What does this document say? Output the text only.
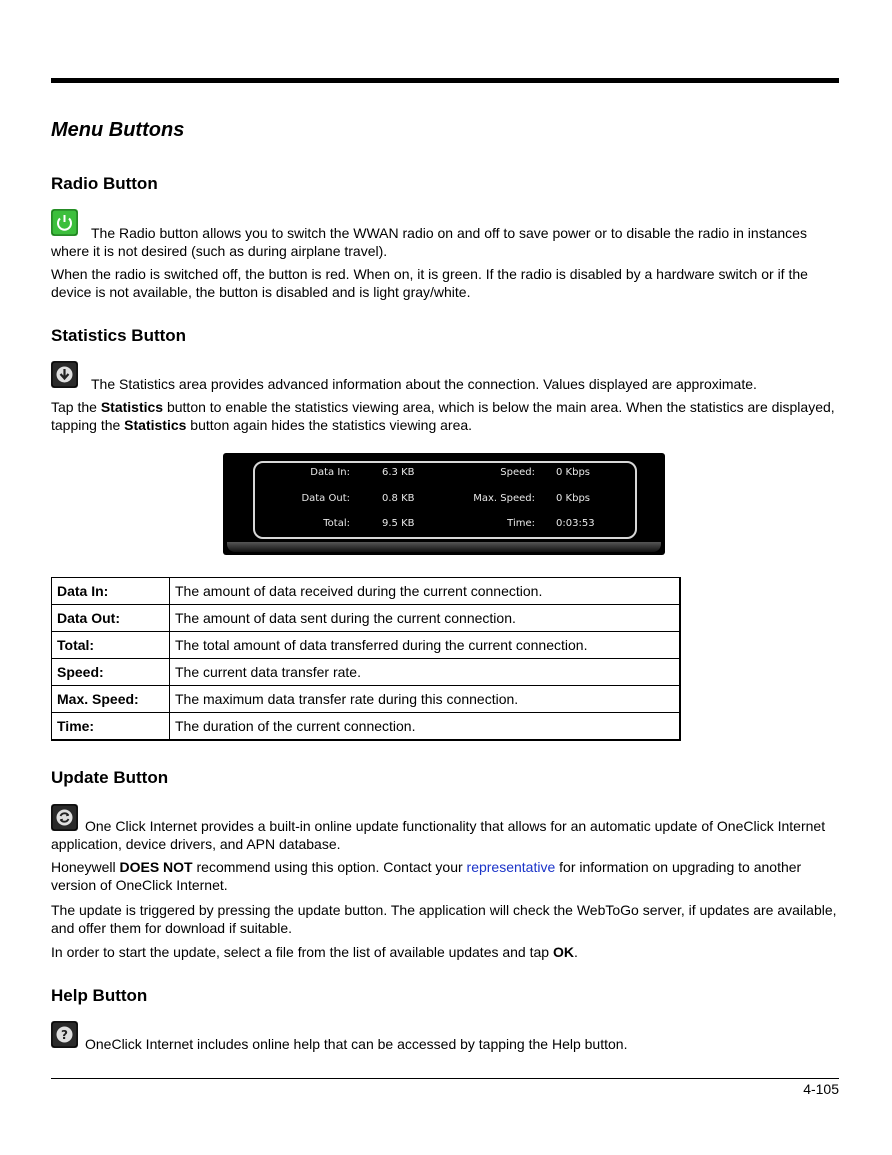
Menu Buttons
Radio Button

The Radio button allows you to switch the WWAN radio on and off to save power or to disable the radio in instances where it is not desired (such as during airplane travel).

When the radio is switched off, the button is red. When on, it is green. If the radio is disabled by a hardware switch or if the device is not available, the button is disabled and is light gray/white.

Statistics Button

The Statistics area provides advanced information about the connection. Values displayed are approximate.

Tap the Statistics button to enable the statistics viewing area, which is below the main area. When the statistics are displayed, tapping the Statistics button again hides the statistics viewing area.

Data In:	6.3 KB
Data Out:	0.8 KB
Total:	9.5 KB
Speed: 0 Kbps
Max. Speed: 0 Kbps
Time: 0:03:53
Data In:	The amount of data received during the current connection.
Data Out:	The amount of data sent during the current connection.
Total:	The total amount of data transferred during the current connection.
Speed:	The current data transfer rate.
Max. Speed:	The maximum data transfer rate during this connection.
Time:	The duration of the current connection.
Update Button

One Click Internet provides a built-in online update functionality that allows for an automatic update of OneClick Internet application, device drivers, and APN database.

Honeywell DOES NOT recommend using this option. Contact your representative for information on upgrading to another version of OneClick Internet.

The update is triggered by pressing the update button. The application will check the WebToGo server, if updates are available, and offer them for download if suitable.

In order to start the update, select a file from the list of available updates and tap OK.

Help Button
?

OneClick Internet includes online help that can be accessed by tapping the Help button.

4-105
